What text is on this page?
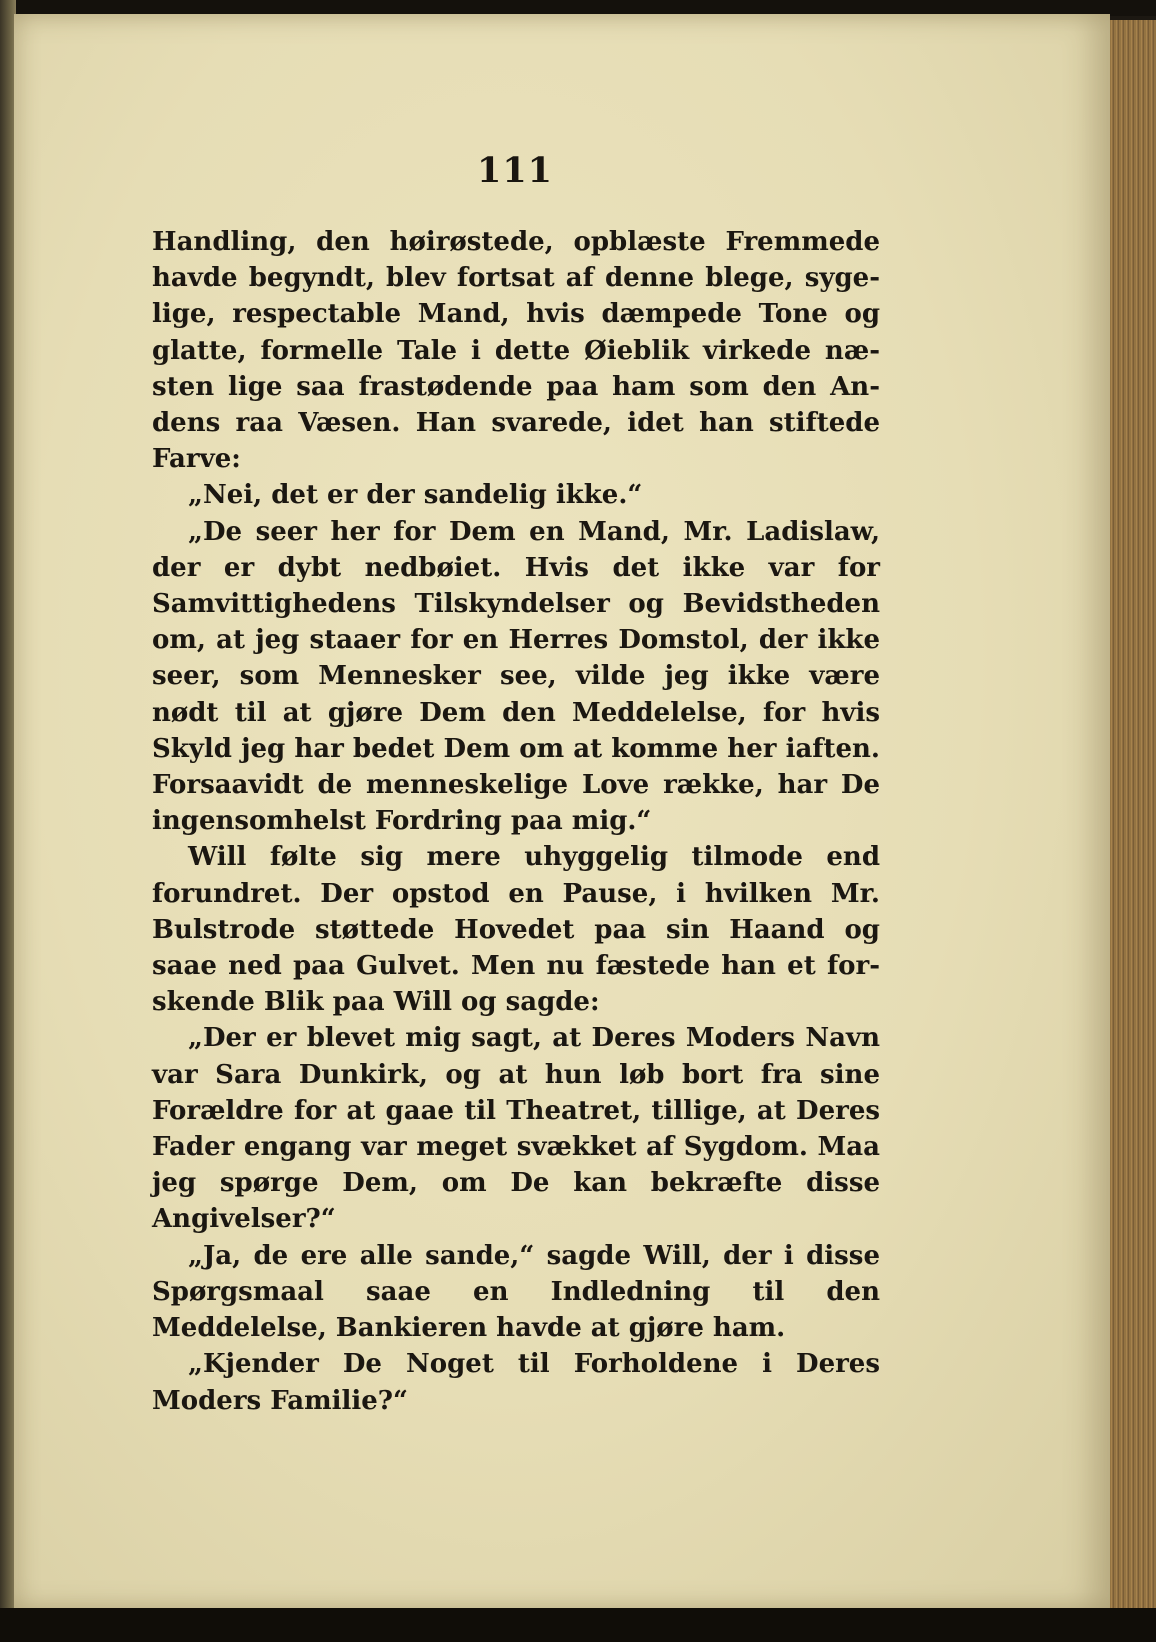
111

Handling, den høirøstede, opblæste Fremmede havde begyndt, blev fortsat af denne blege, sygelige, respectable Mand, hvis dæmpede Tone og glatte, formelle Tale i dette Øieblik virkede næsten lige saa frastødende paa ham som den Andens raa Væsen. Han svarede, idet han stiftede Farve:

„Nei, det er der sandelig ikke.“

„De seer her for Dem en Mand, Mr. Ladislaw, der er dybt nedbøiet. Hvis det ikke var for Samvittighedens Tilskyndelser og Bevidstheden om, at jeg staaer for en Herres Domstol, der ikke seer, som Mennesker see, vilde jeg ikke være nødt til at gjøre Dem den Meddelelse, for hvis Skyld jeg har bedet Dem om at komme her iaften. Forsaavidt de menneskelige Love række, har De ingensomhelst Fordring paa mig.“

Will følte sig mere uhyggelig tilmode end forundret. Der opstod en Pause, i hvilken Mr. Bulstrode støttede Hovedet paa sin Haand og saae ned paa Gulvet. Men nu fæstede han et forskende Blik paa Will og sagde:

„Der er blevet mig sagt, at Deres Moders Navn var Sara Dunkirk, og at hun løb bort fra sine Forældre for at gaae til Theatret, tillige, at Deres Fader engang var meget svækket af Sygdom. Maa jeg spørge Dem, om De kan bekræfte disse Angivelser?“

„Ja, de ere alle sande,“ sagde Will, der i disse Spørgsmaal saae en Indledning til den Meddelelse, Bankieren havde at gjøre ham.

„Kjender De Noget til Forholdene i Deres Moders Familie?“
